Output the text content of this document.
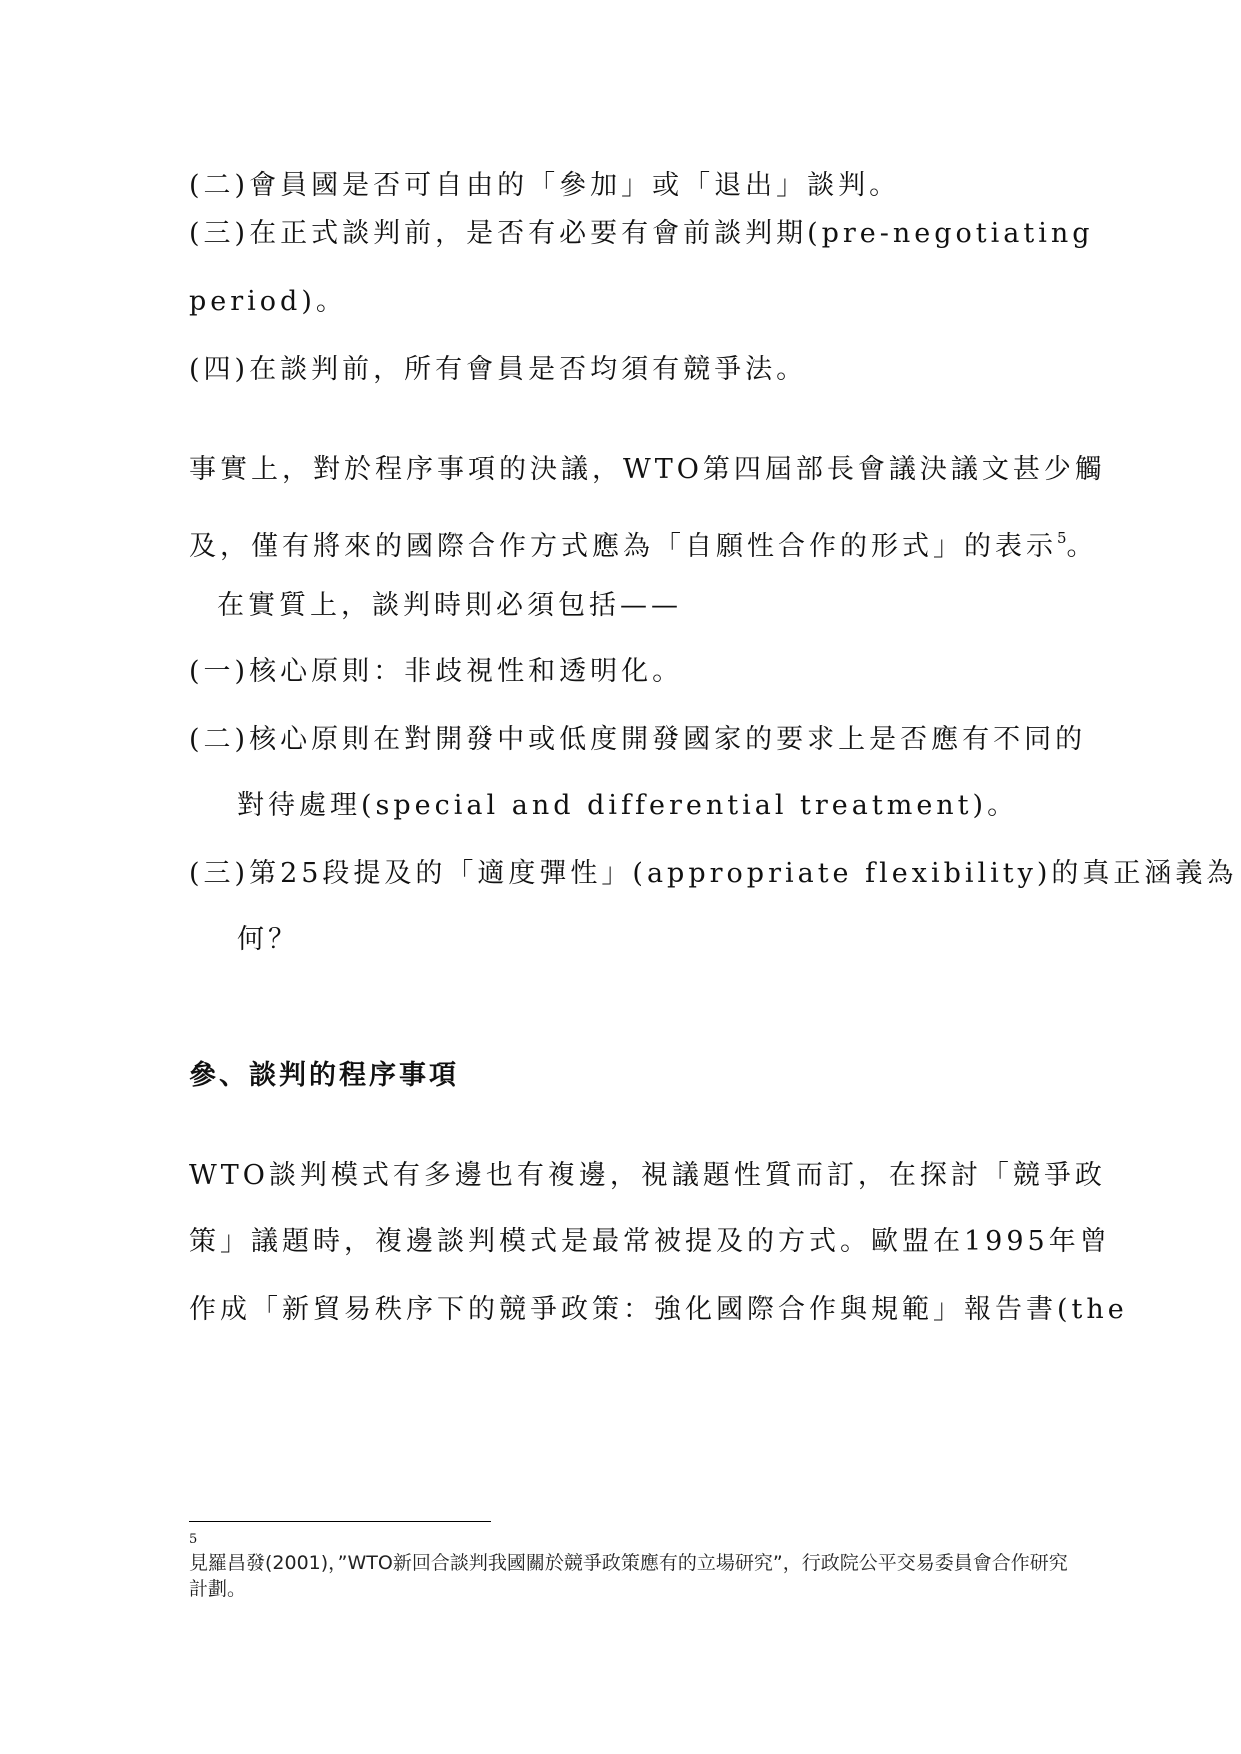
(二)會員國是否可自由的「參加」或「退出」談判。
(三)在正式談判前，是否有必要有會前談判期(pre-negotiating
period)。
(四)在談判前，所有會員是否均須有競爭法。
事實上，對於程序事項的決議，WTO第四屆部長會議決議文甚少觸
及，僅有將來的國際合作方式應為「自願性合作的形式」的表示$^5$。
在實質上，談判時則必須包括——
(一)核心原則：非歧視性和透明化。
(二)核心原則在對開發中或低度開發國家的要求上是否應有不同的
對待處理(special and differential treatment)。
(三)第25段提及的「適度彈性」(appropriate flexibility)的真正涵義為
何？
參、談判的程序事項
WTO談判模式有多邊也有複邊，視議題性質而訂，在探討「競爭政
策」議題時，複邊談判模式是最常被提及的方式。歐盟在1995年曾
作成「新貿易秩序下的競爭政策：強化國際合作與規範」報告書(the
5
見羅昌發(2001)，”WTO新回合談判我國關於競爭政策應有的立場研究”，行政院公平交易委員會合作研究計劃。
